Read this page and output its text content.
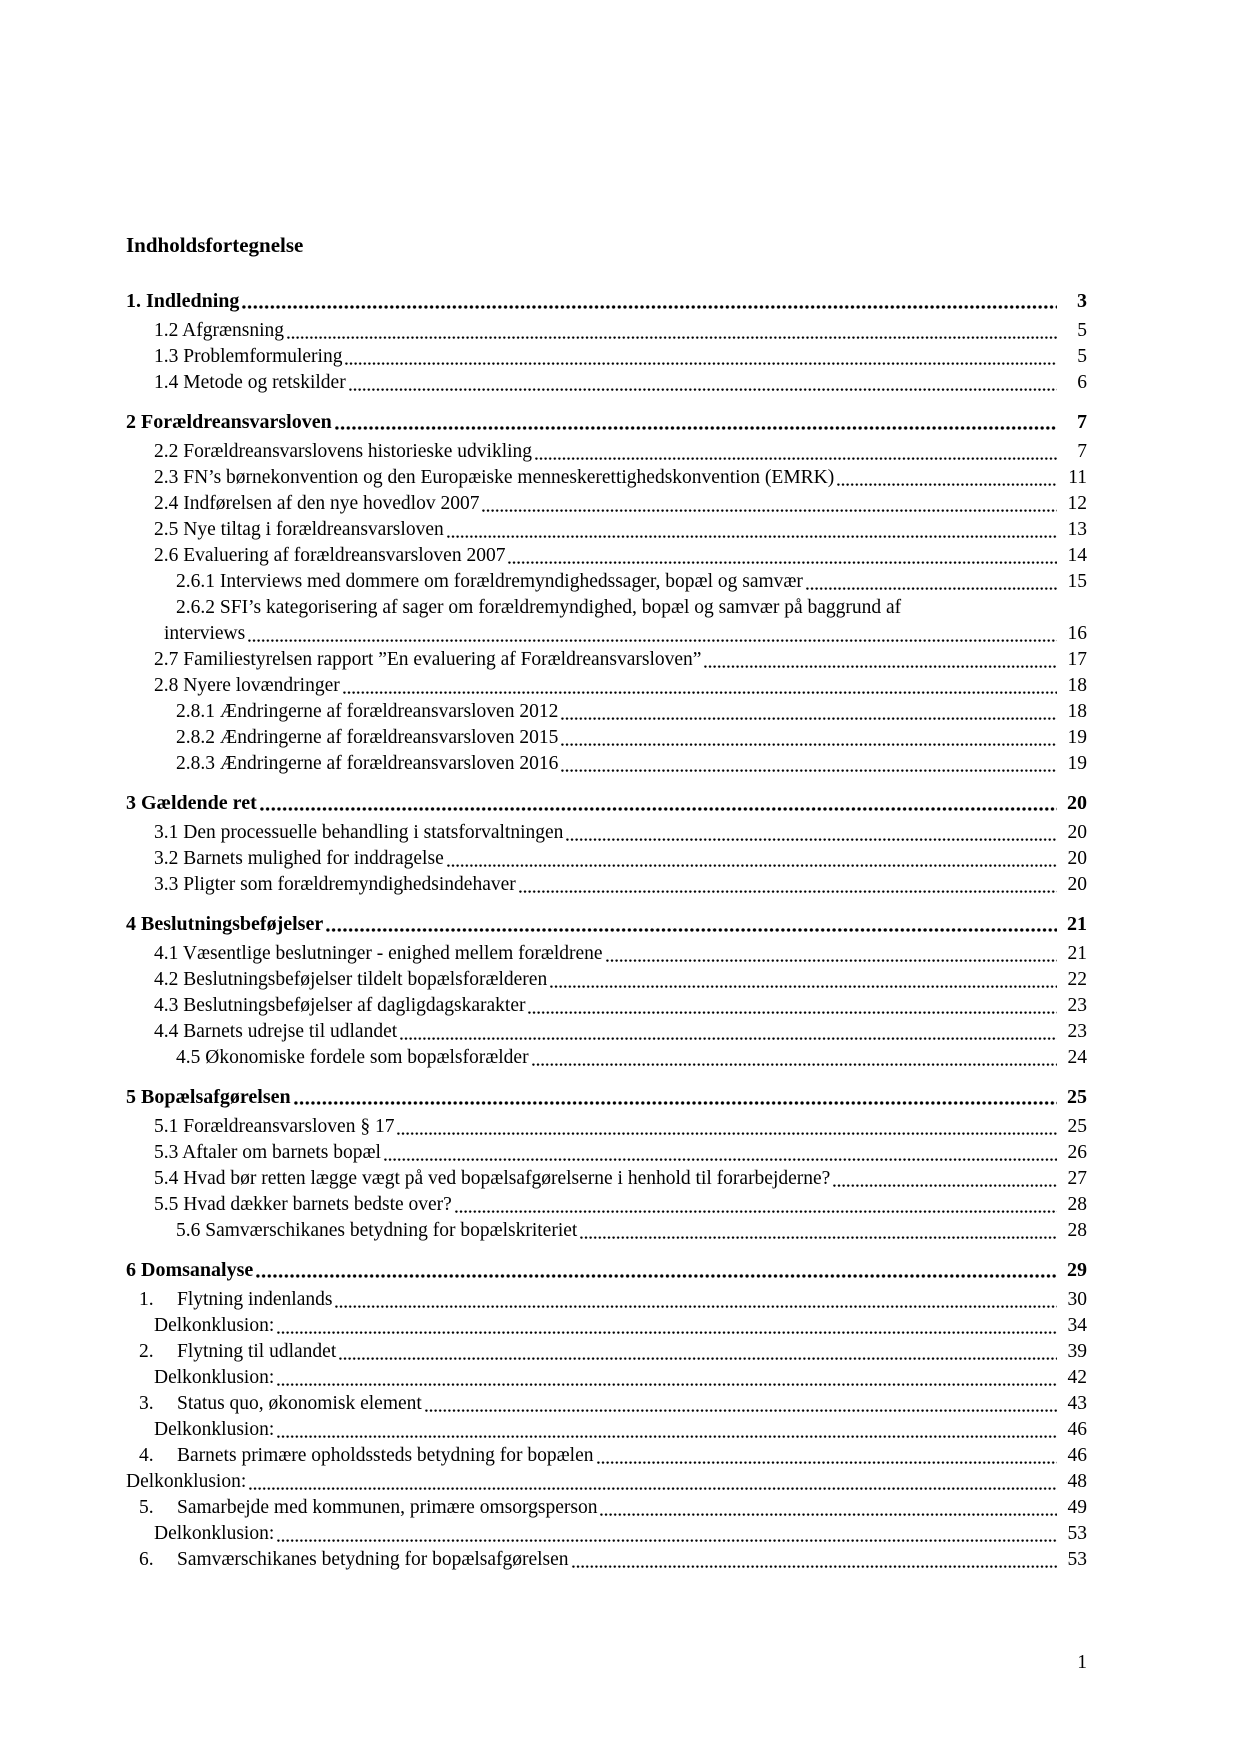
Indholdsfortegnelse
1. Indledning	3
1.2 Afgrænsning	5
1.3 Problemformulering	5
1.4 Metode og retskilder	6
2 Forældreansvarsloven	7
2.2 Forældreansvarslovens historieske udvikling	7
2.3 FN’s børnekonvention og den Europæiske menneskerettighedskonvention (EMRK)	11
2.4 Indførelsen af den nye hovedlov 2007	12
2.5 Nye tiltag i forældreansvarsloven	13
2.6 Evaluering af forældreansvarsloven 2007	14
2.6.1 Interviews med dommere om forældremyndighedssager, bopæl og samvær	15
2.6.2 SFI’s kategorisering af sager om forældremyndighed, bopæl og samvær på baggrund af
interviews	16
2.7 Familiestyrelsen rapport ”En evaluering af Forældreansvarsloven”	17
2.8 Nyere lovændringer	18
2.8.1 Ændringerne af forældreansvarsloven 2012	18
2.8.2 Ændringerne af forældreansvarsloven 2015	19
2.8.3 Ændringerne af forældreansvarsloven 2016	19
3 Gældende ret	20
3.1 Den processuelle behandling i statsforvaltningen	20
3.2 Barnets mulighed for inddragelse	20
3.3 Pligter som forældremyndighedsindehaver	20
4 Beslutningsbeføjelser	21
4.1 Væsentlige beslutninger - enighed mellem forældrene	21
4.2 Beslutningsbeføjelser tildelt bopælsforælderen	22
4.3 Beslutningsbeføjelser af dagligdagskarakter	23
4.4 Barnets udrejse til udlandet	23
4.5 Økonomiske fordele som bopælsforælder	24
5 Bopælsafgørelsen	25
5.1 Forældreansvarsloven § 17	25
5.3 Aftaler om barnets bopæl	26
5.4 Hvad bør retten lægge vægt på ved bopælsafgørelserne i henhold til forarbejderne?	27
5.5 Hvad dækker barnets bedste over?	28
5.6 Samværschikanes betydning for bopælskriteriet	28
6 Domsanalyse	29
1.	Flytning indenlands	30
Delkonklusion:	34
2.	Flytning til udlandet	39
Delkonklusion:	42
3.	Status quo, økonomisk element	43
Delkonklusion:	46
4.	Barnets primære opholdssteds betydning for bopælen	46
Delkonklusion:	48
5.	Samarbejde med kommunen, primære omsorgsperson	49
Delkonklusion:	53
6.	Samværschikanes betydning for bopælsafgørelsen	53
1
